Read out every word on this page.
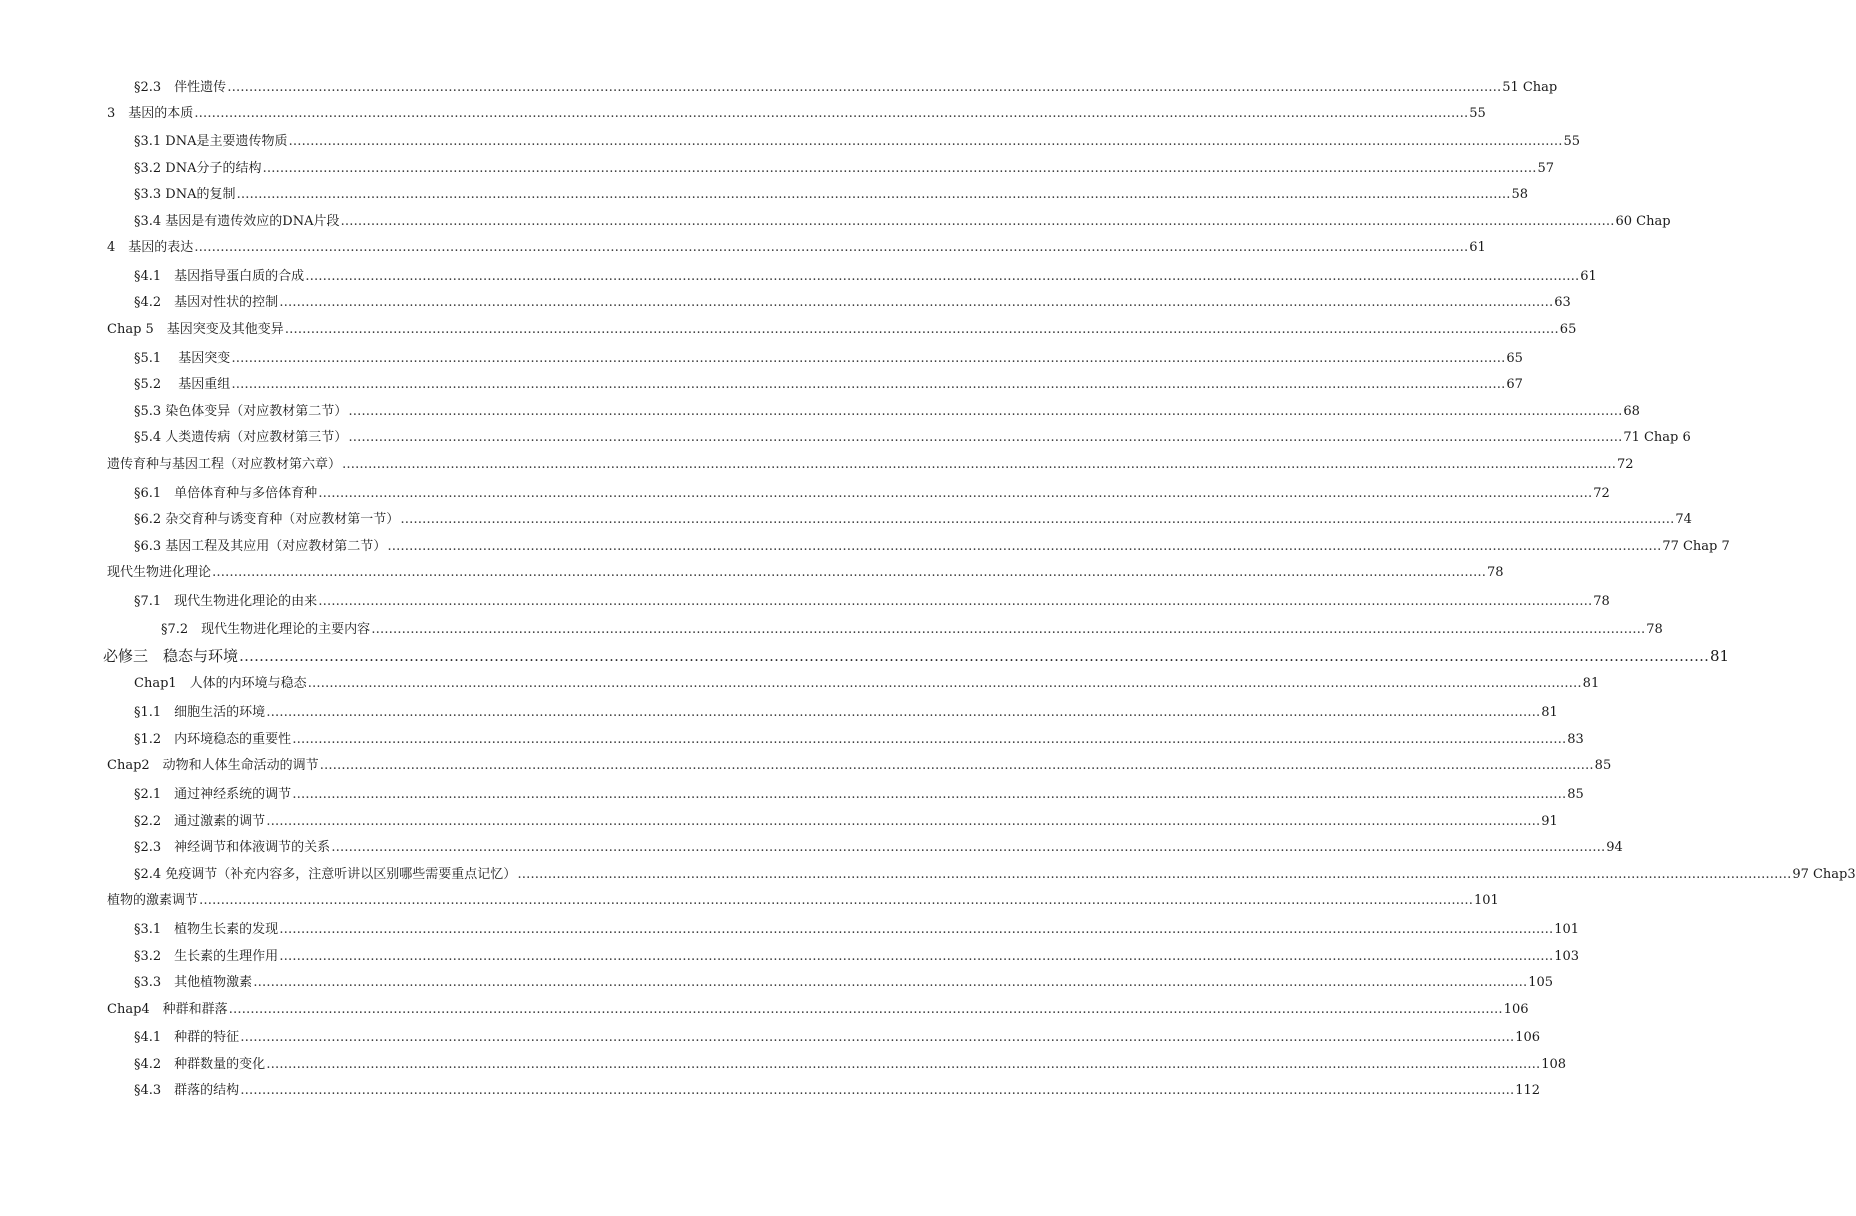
§2.3　伴性遗传 …………………………………………………………………………………………………………………………………………………………………………………………………………………………………………………………………… 51 Chap
3　基因的本质 …………………………………………………………………………………………………………………………………………………………………………………………………………………………………………………………………… 55
§3.1 DNA是主要遗传物质 …………………………………………………………………………………………………………………………………………………………………………………………………………………………………………………………………… 55
§3.2 DNA分子的结构 …………………………………………………………………………………………………………………………………………………………………………………………………………………………………………………………………… 57
§3.3 DNA的复制 …………………………………………………………………………………………………………………………………………………………………………………………………………………………………………………………………… 58
§3.4 基因是有遗传效应的DNA片段 …………………………………………………………………………………………………………………………………………………………………………………………………………………………………………………………………… 60 Chap
4　基因的表达 …………………………………………………………………………………………………………………………………………………………………………………………………………………………………………………………………… 61
§4.1　基因指导蛋白质的合成 …………………………………………………………………………………………………………………………………………………………………………………………………………………………………………………………………… 61
§4.2　基因对性状的控制 …………………………………………………………………………………………………………………………………………………………………………………………………………………………………………………………………… 63
Chap 5　基因突变及其他变异 …………………………………………………………………………………………………………………………………………………………………………………………………………………………………………………………………… 65
§5.1　 基因突变 …………………………………………………………………………………………………………………………………………………………………………………………………………………………………………………………………… 65
§5.2　 基因重组 …………………………………………………………………………………………………………………………………………………………………………………………………………………………………………………………………… 67
§5.3 染色体变异（对应教材第二节） …………………………………………………………………………………………………………………………………………………………………………………………………………………………………………………………………… 68
§5.4 人类遗传病（对应教材第三节） …………………………………………………………………………………………………………………………………………………………………………………………………………………………………………………………………… 71 Chap 6
遗传育种与基因工程（对应教材第六章） …………………………………………………………………………………………………………………………………………………………………………………………………………………………………………………………………… 72
§6.1　单倍体育种与多倍体育种 …………………………………………………………………………………………………………………………………………………………………………………………………………………………………………………………………… 72
§6.2 杂交育种与诱变育种（对应教材第一节） …………………………………………………………………………………………………………………………………………………………………………………………………………………………………………………………………… 74
§6.3 基因工程及其应用（对应教材第二节） …………………………………………………………………………………………………………………………………………………………………………………………………………………………………………………………………… 77 Chap 7
现代生物进化理论 …………………………………………………………………………………………………………………………………………………………………………………………………………………………………………………………………… 78
§7.1　现代生物进化理论的由来 …………………………………………………………………………………………………………………………………………………………………………………………………………………………………………………………………… 78
§7.2　现代生物进化理论的主要内容 …………………………………………………………………………………………………………………………………………………………………………………………………………………………………………………………………… 78
必修三　稳态与环境 …………………………………………………………………………………………………………………………………………………………………………………………………………………………………………………………………… 81
Chap1　人体的内环境与稳态 …………………………………………………………………………………………………………………………………………………………………………………………………………………………………………………………………… 81
§1.1　细胞生活的环境 …………………………………………………………………………………………………………………………………………………………………………………………………………………………………………………………………… 81
§1.2　内环境稳态的重要性 …………………………………………………………………………………………………………………………………………………………………………………………………………………………………………………………………… 83
Chap2　动物和人体生命活动的调节 …………………………………………………………………………………………………………………………………………………………………………………………………………………………………………………………………… 85
§2.1　通过神经系统的调节 …………………………………………………………………………………………………………………………………………………………………………………………………………………………………………………………………… 85
§2.2　通过激素的调节 …………………………………………………………………………………………………………………………………………………………………………………………………………………………………………………………………… 91
§2.3　神经调节和体液调节的关系 …………………………………………………………………………………………………………………………………………………………………………………………………………………………………………………………………… 94
§2.4 免疫调节（补充内容多，注意听讲以区别哪些需要重点记忆） …………………………………………………………………………………………………………………………………………………………………………………………………………………………………………………………………… 97 Chap3
植物的激素调节 …………………………………………………………………………………………………………………………………………………………………………………………………………………………………………………………………… 101
§3.1　植物生长素的发现 …………………………………………………………………………………………………………………………………………………………………………………………………………………………………………………………………… 101
§3.2　生长素的生理作用 …………………………………………………………………………………………………………………………………………………………………………………………………………………………………………………………………… 103
§3.3　其他植物激素 …………………………………………………………………………………………………………………………………………………………………………………………………………………………………………………………………… 105
Chap4　种群和群落 …………………………………………………………………………………………………………………………………………………………………………………………………………………………………………………………………… 106
§4.1　种群的特征 …………………………………………………………………………………………………………………………………………………………………………………………………………………………………………………………………… 106
§4.2　种群数量的变化 …………………………………………………………………………………………………………………………………………………………………………………………………………………………………………………………………… 108
§4.3　群落的结构 …………………………………………………………………………………………………………………………………………………………………………………………………………………………………………………………………… 112
